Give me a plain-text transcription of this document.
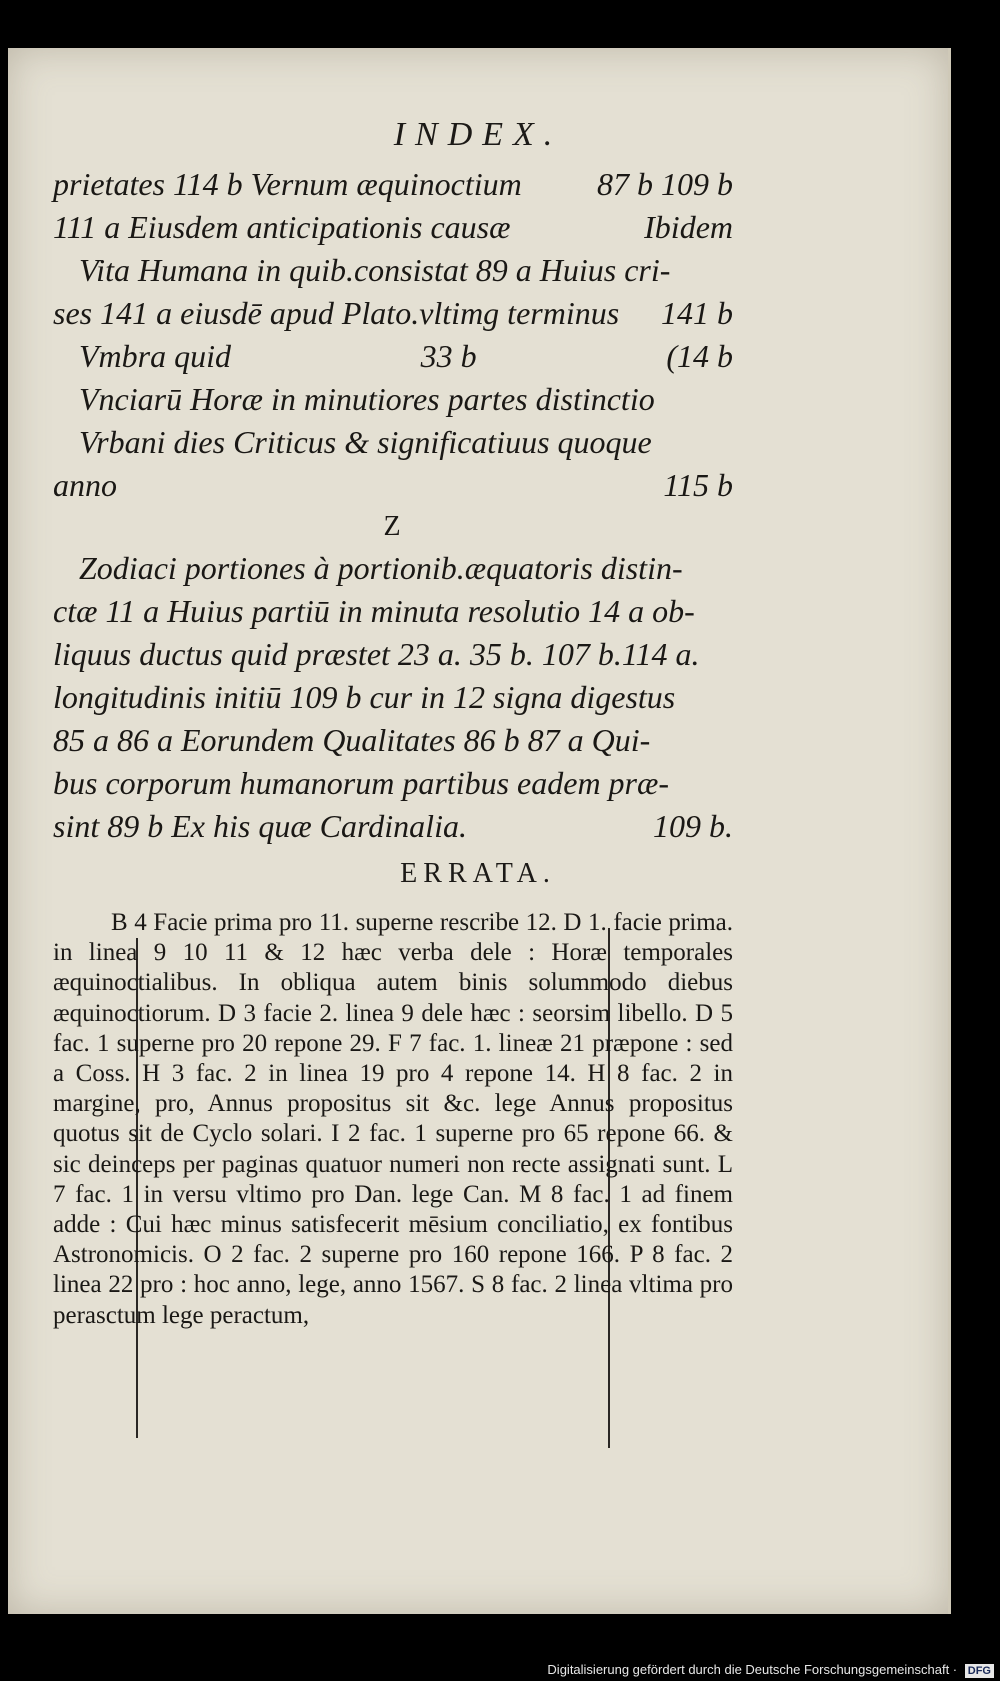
INDEX.
prietates 114 b Vernum æquinoctium 87 b 109 b
111 a Eiusdem anticipationis causæ	Ibidem
Vita Humana in quib.consistat 89 a Huius cri-
ses 141 a eiusdē apud Plato.vltimg terminus 141 b
Vmbra quid	33 b	(14 b
Vnciarū Horæ in minutiores partes distinctio
Vrbani dies Criticus & significatiuus quoque
anno	115 b
Z
Zodiaci portiones à portionib.æquatoris distin-
ctæ 11 a Huius partiū in minuta resolutio 14 a ob-
liquus ductus quid præstet 23 a. 35 b. 107 b.114 a.
longitudinis initiū 109 b cur in 12 signa digestus
85 a 86 a Eorundem Qualitates 86 b 87 a Qui-
bus corporum humanorum partibus eadem præ-
sint 89 b Ex his quæ Cardinalia.	109 b.
ERRATA.

B 4 Facie prima pro 11. superne rescribe 12. D 1. facie prima. in linea 9 10 11 & 12 hæc verba dele : Horæ temporales æquinoctialibus. In obliqua autem binis solummodo diebus æquinoctiorum. D 3 facie 2. linea 9 dele hæc : seorsim libello. D 5 fac. 1 superne pro 20 repone 29. F 7 fac. 1. lineæ 21 præpone : sed a Coss. H 3 fac. 2 in linea 19 pro 4 repone 14. H 8 fac. 2 in margine, pro, Annus propositus sit &c. lege Annus propositus quotus sit de Cyclo solari. I 2 fac. 1 superne pro 65 repone 66. & sic deinceps per paginas quatuor numeri non recte assignati sunt. L 7 fac. 1 in versu vltimo pro Dan. lege Can. M 8 fac. 1 ad finem adde : Cui hæc minus satisfecerit mēsium conciliatio, ex fontibus Astronomicis. O 2 fac. 2 superne pro 160 repone 166. P 8 fac. 2 linea 22 pro : hoc anno, lege, anno 1567. S 8 fac. 2 linea vltima pro perasctum lege peractum,

Digitalisierung gefördert durch die Deutsche Forschungsgemeinschaft · DFG
